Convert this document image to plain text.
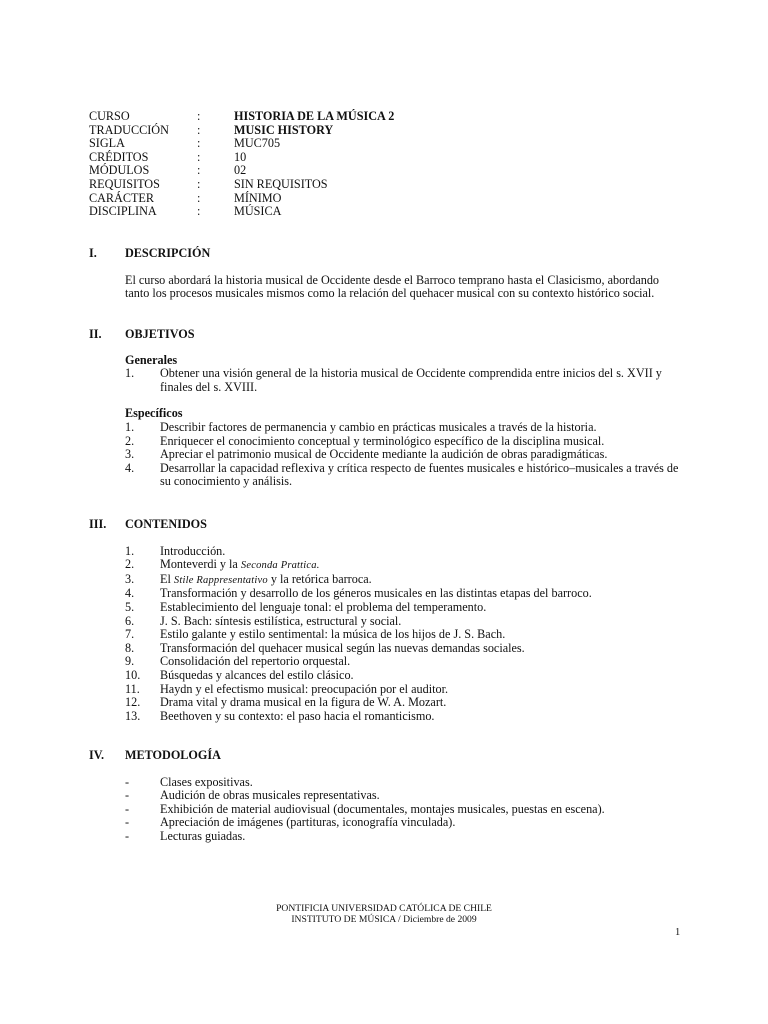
CURSO	:	HISTORIA DE LA MÚSICA 2
TRADUCCIÓN	:	MUSIC HISTORY
SIGLA	:	MUC705
CRÉDITOS	:	10
MÓDULOS	:	02
REQUISITOS	:	SIN REQUISITOS
CARÁCTER	:	MÍNIMO
DISCIPLINA	:	MÚSICA
I.	DESCRIPCIÓN
El curso abordará la historia musical de Occidente desde el Barroco temprano hasta el Clasicismo, abordando tanto los procesos musicales mismos como la relación del quehacer musical con su contexto histórico social.
II.	OBJETIVOS
Generales
1.	Obtener una visión general de la historia musical de Occidente comprendida entre inicios del s. XVII y finales del s. XVIII.
Específicos
1.	Describir factores de permanencia y cambio en prácticas musicales a través de la historia.
2.	Enriquecer el conocimiento conceptual y terminológico específico de la disciplina musical.
3.	Apreciar el patrimonio musical de Occidente mediante la audición de obras paradigmáticas.
4.	Desarrollar la capacidad reflexiva y crítica respecto de fuentes musicales e histórico–musicales a través de su conocimiento y análisis.
III.	CONTENIDOS
1.	Introducción.
2.	Monteverdi y la Seconda Prattica.
3.	El Stile Rappresentativo y la retórica barroca.
4.	Transformación y desarrollo de los géneros musicales en las distintas etapas del barroco.
5.	Establecimiento del lenguaje tonal: el problema del temperamento.
6.	J. S. Bach: síntesis estilística, estructural y social.
7.	Estilo galante y estilo sentimental: la música de los hijos de J. S. Bach.
8.	Transformación del quehacer musical según las nuevas demandas sociales.
9.	Consolidación del repertorio orquestal.
10.	Búsquedas y alcances del estilo clásico.
11.	Haydn y el efectismo musical: preocupación por el auditor.
12.	Drama vital y drama musical en la figura de W. A. Mozart.
13.	Beethoven y su contexto: el paso hacia el romanticismo.
IV.	METODOLOGÍA
-	Clases expositivas.
-	Audición de obras musicales representativas.
-	Exhibición de material audiovisual (documentales, montajes musicales, puestas en escena).
-	Apreciación de imágenes (partituras, iconografía vinculada).
-	Lecturas guiadas.
PONTIFICIA UNIVERSIDAD CATÓLICA DE CHILE
INSTITUTO DE MÚSICA / Diciembre de 2009
1
